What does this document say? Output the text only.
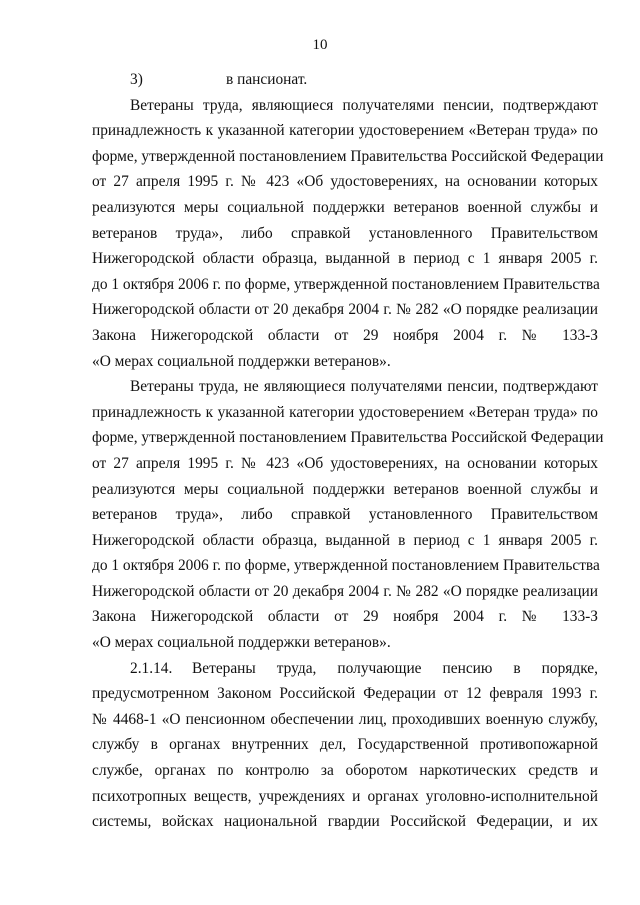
10
3)	в пансионат.
Ветераны труда, являющиеся получателями пенсии, подтверждают
принадлежность к указанной категории удостоверением «Ветеран труда» по
форме, утвержденной постановлением Правительства Российской Федерации
от 27 апреля 1995 г. № 423 «Об удостоверениях, на основании которых
реализуются меры социальной поддержки ветеранов военной службы и
ветеранов труда», либо справкой установленного Правительством
Нижегородской области образца, выданной в период с 1 января 2005 г.
до 1 октября 2006 г. по форме, утвержденной постановлением Правительства
Нижегородской области от 20 декабря 2004 г. № 282 «О порядке реализации
Закона Нижегородской области от 29 ноября 2004 г. № 133-З
«О мерах социальной поддержки ветеранов».
Ветераны труда, не являющиеся получателями пенсии, подтверждают
принадлежность к указанной категории удостоверением «Ветеран труда» по
форме, утвержденной постановлением Правительства Российской Федерации
от 27 апреля 1995 г. № 423 «Об удостоверениях, на основании которых
реализуются меры социальной поддержки ветеранов военной службы и
ветеранов труда», либо справкой установленного Правительством
Нижегородской области образца, выданной в период с 1 января 2005 г.
до 1 октября 2006 г. по форме, утвержденной постановлением Правительства
Нижегородской области от 20 декабря 2004 г. № 282 «О порядке реализации
Закона Нижегородской области от 29 ноября 2004 г. № 133-З
«О мерах социальной поддержки ветеранов».
2.1.14.	Ветераны труда, получающие пенсию в порядке,
предусмотренном Законом Российской Федерации от 12 февраля 1993 г.
№ 4468-1 «О пенсионном обеспечении лиц, проходивших военную службу,
службу в органах внутренних дел, Государственной противопожарной
службе, органах по контролю за оборотом наркотических средств и
психотропных веществ, учреждениях и органах уголовно-исполнительной
системы, войсках национальной гвардии Российской Федерации, и их
